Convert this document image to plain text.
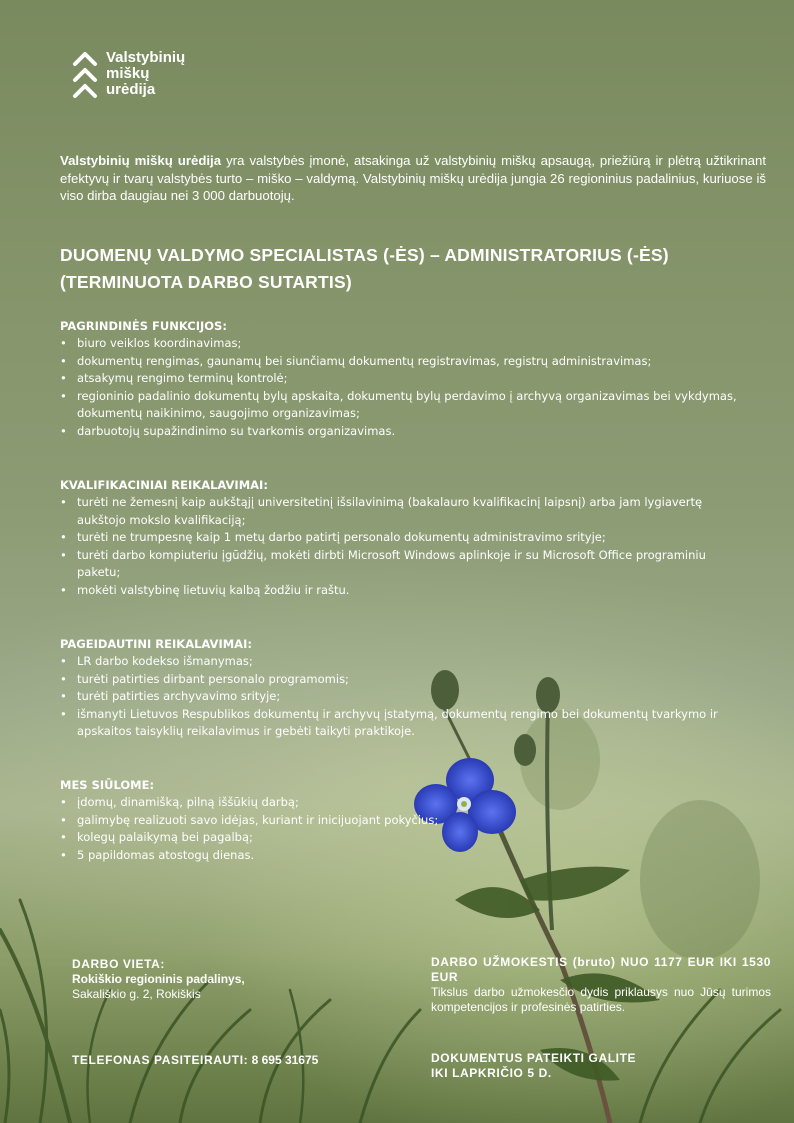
Valstybinių
miškų
urėdija

Valstybinių miškų urėdija yra valstybės įmonė, atsakinga už valstybinių miškų apsaugą, priežiūrą ir plėtrą užtikrinant efektyvų ir tvarų valstybės turto – miško – valdymą. Valstybinių miškų urėdija jungia 26 regioninius padalinius, kuriuose iš viso dirba daugiau nei 3 000 darbuotojų.

DUOMENŲ VALDYMO SPECIALISTAS (-ĖS) – ADMINISTRATORIUS (-ĖS)
(TERMINUOTA DARBO SUTARTIS)
PAGRINDINĖS FUNKCIJOS:
• biuro veiklos koordinavimas;
• dokumentų rengimas, gaunamų bei siunčiamų dokumentų registravimas, registrų administravimas;
• atsakymų rengimo terminų kontrolė;
• regioninio padalinio dokumentų bylų apskaita, dokumentų bylų perdavimo į archyvą organizavimas bei vykdymas, dokumentų naikinimo, saugojimo organizavimas;
• darbuotojų supažindinimo su tvarkomis organizavimas.
KVALIFIKACINIAI REIKALAVIMAI:
• turėti ne žemesnį kaip aukštąjį universitetinį išsilavinimą (bakalauro kvalifikacinį laipsnį) arba jam lygiavertę aukštojo mokslo kvalifikaciją;
• turėti ne trumpesnę kaip 1 metų darbo patirtį personalo dokumentų administravimo srityje;
• turėti darbo kompiuteriu įgūdžių, mokėti dirbti Microsoft Windows aplinkoje ir su Microsoft Office programiniu paketu;
• mokėti valstybinę lietuvių kalbą žodžiu ir raštu.
PAGEIDAUTINI REIKALAVIMAI:
• LR darbo kodekso išmanymas;
• turėti patirties dirbant personalo programomis;
• turėti patirties archyvavimo srityje;
• išmanyti Lietuvos Respublikos dokumentų ir archyvų įstatymą, dokumentų rengimo bei dokumentų tvarkymo ir apskaitos taisyklių reikalavimus ir gebėti taikyti praktikoje.
MES SIŪLOME:
• įdomų, dinamišką, pilną iššūkių darbą;
• galimybę realizuoti savo idėjas, kuriant ir inicijuojant pokyčius;
• kolegų palaikymą bei pagalbą;
• 5 papildomas atostogų dienas.
DARBO VIETA:
Rokiškio regioninis padalinys,
Sakališkio g. 2, Rokiškis
TELEFONAS PASITEIRAUTI: 8 695 31675
DARBO UŽMOKESTIS (bruto) NUO 1177 EUR IKI 1530 EUR
Tikslus darbo užmokesčio dydis priklausys nuo Jūsų turimos kompetencijos ir profesinės patirties.
DOKUMENTUS PATEIKTI GALITE
IKI LAPKRIČIO 5 D.
